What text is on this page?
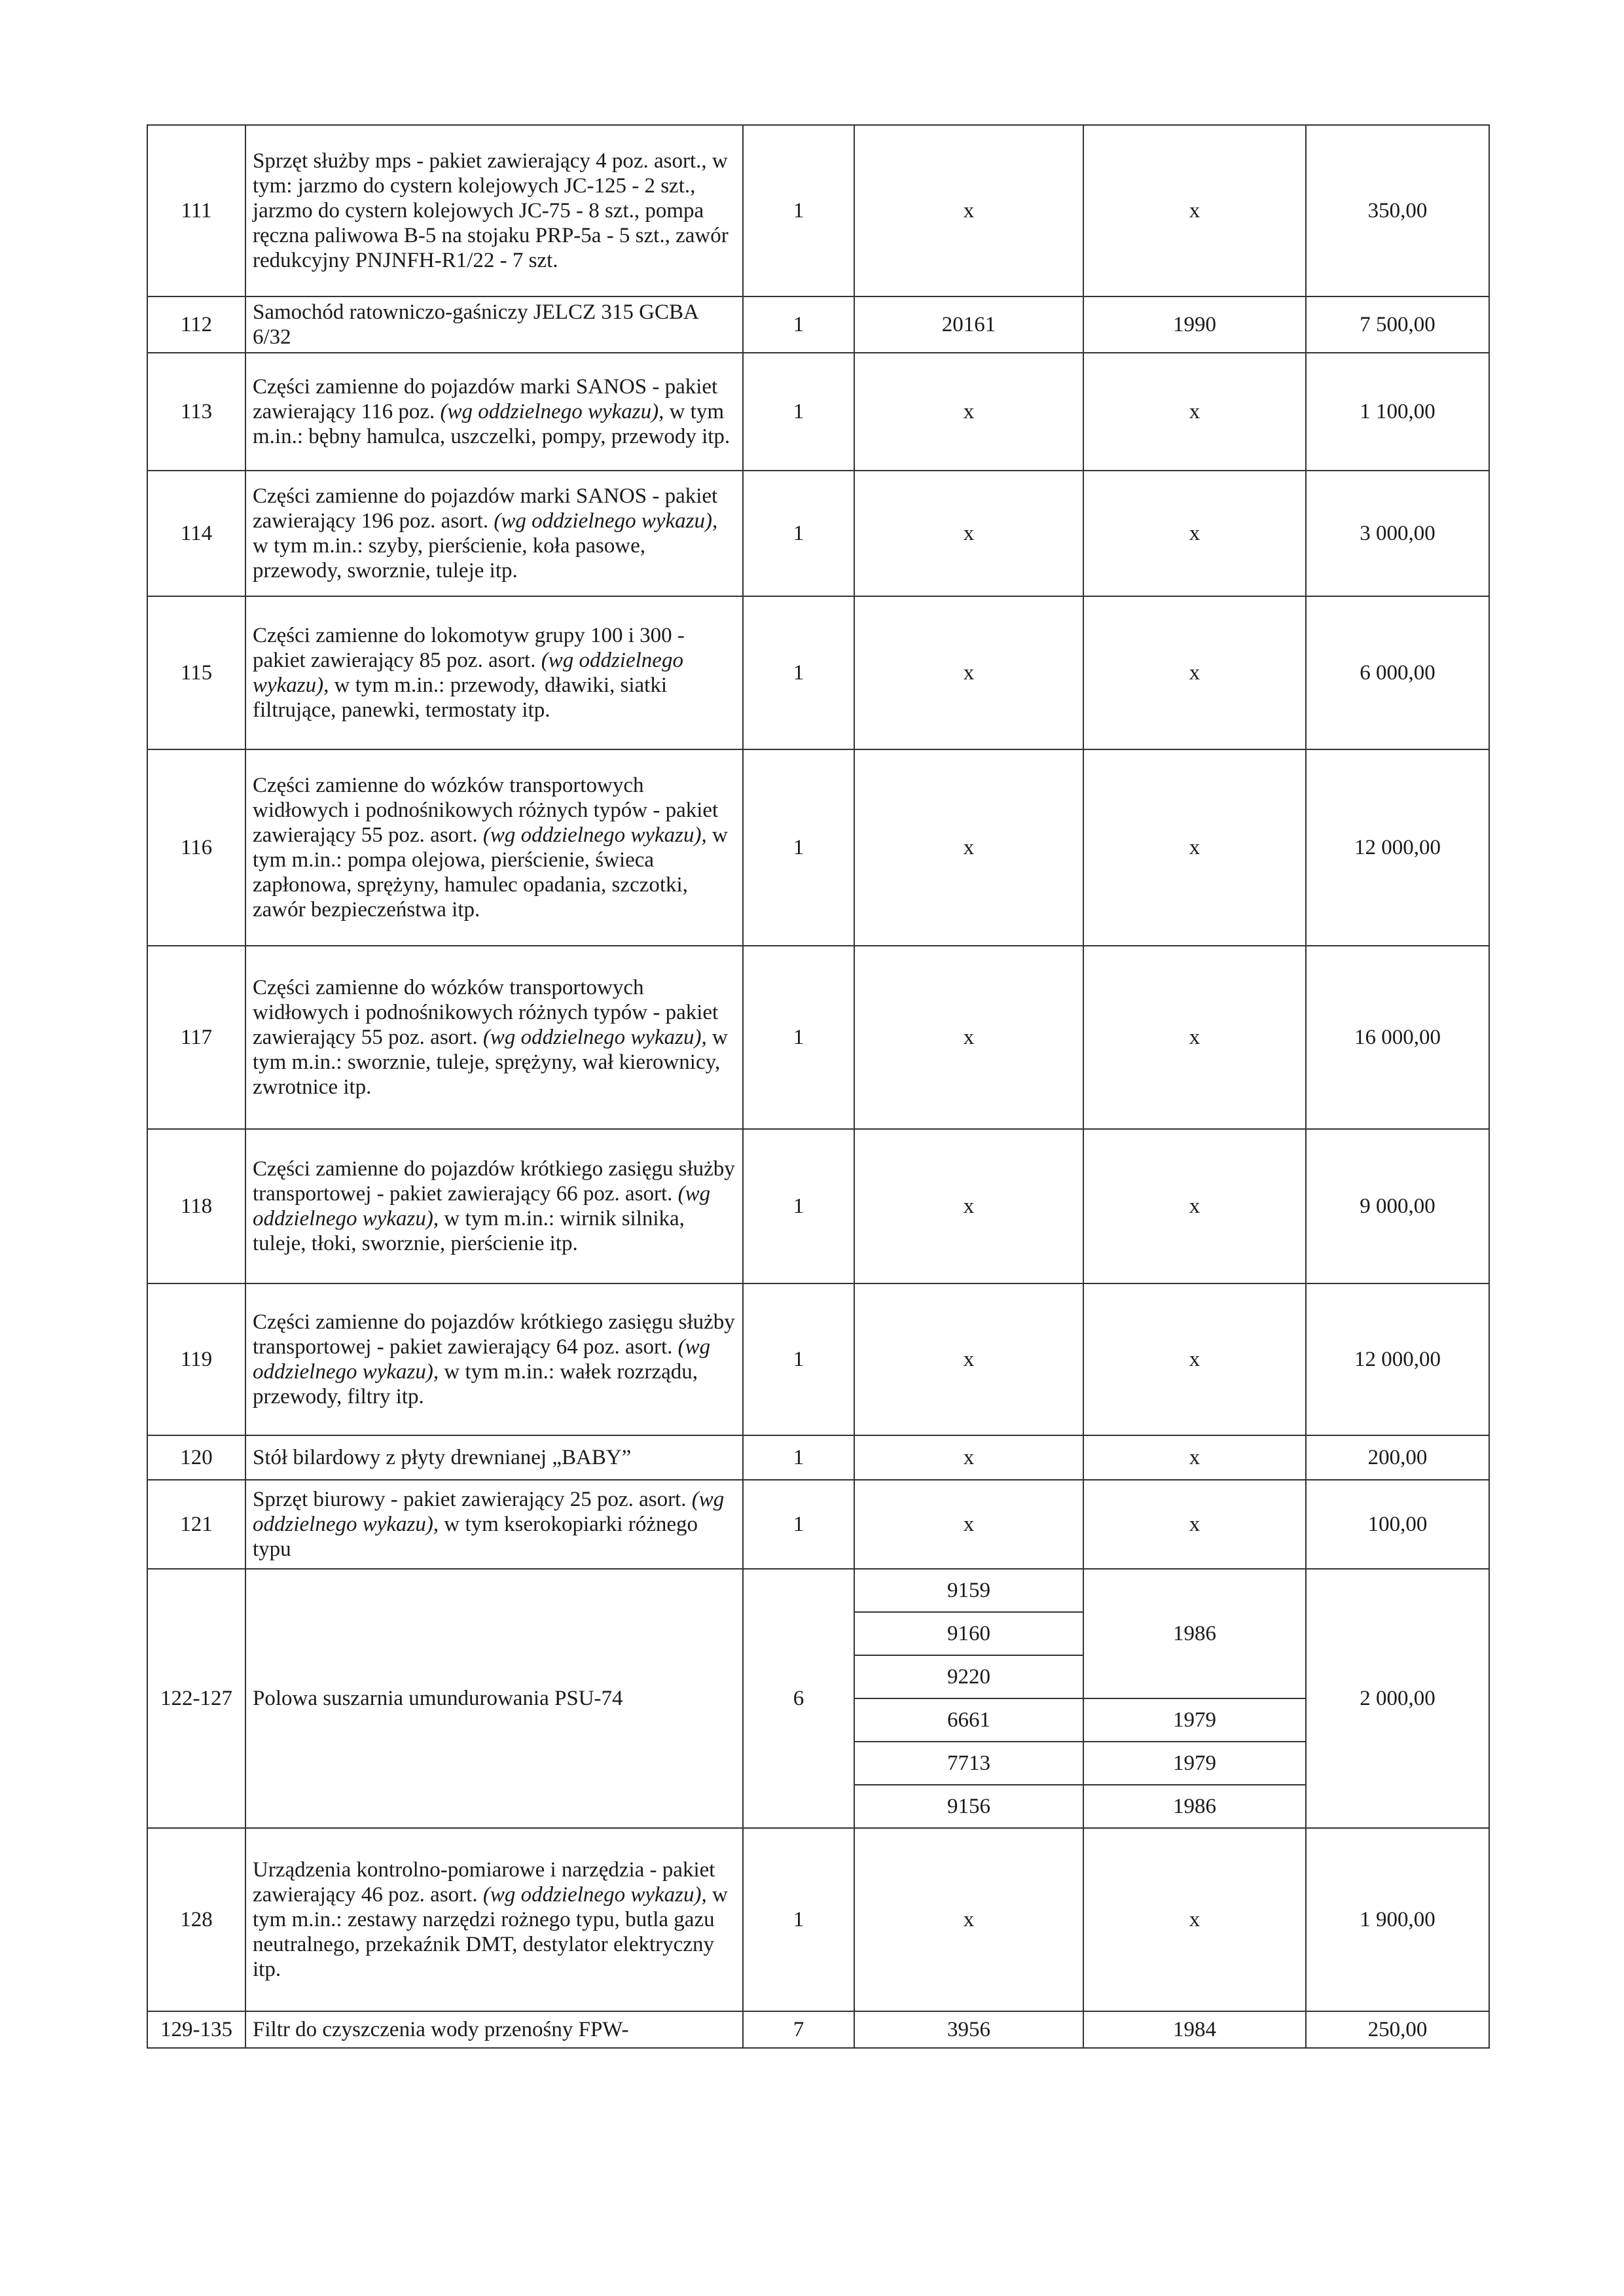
111	Sprzęt służby mps - pakiet zawierający 4 poz. asort., w tym: jarzmo do cystern kolejowych JC-125 - 2 szt., jarzmo do cystern kolejowych JC-75 - 8 szt., pompa ręczna paliwowa B-5 na stojaku PRP-5a - 5 szt., zawór redukcyjny PNJNFH-R1/22 - 7 szt.	1	x	x	350,00
112	Samochód ratowniczo-gaśniczy JELCZ 315 GCBA 6/32	1	20161	1990	7 500,00
113	Części zamienne do pojazdów marki SANOS - pakiet zawierający 116 poz. (wg oddzielnego wykazu), w tym m.in.: bębny hamulca, uszczelki, pompy, przewody itp.	1	x	x	1 100,00
114	Części zamienne do pojazdów marki SANOS - pakiet zawierający 196 poz. asort. (wg oddzielnego wykazu), w tym m.in.: szyby, pierścienie, koła pasowe, przewody, sworznie, tuleje itp.	1	x	x	3 000,00
115	Części zamienne do lokomotyw grupy 100 i 300 - pakiet zawierający 85 poz. asort. (wg oddzielnego wykazu), w tym m.in.: przewody, dławiki, siatki filtrujące, panewki, termostaty itp.	1	x	x	6 000,00
116	Części zamienne do wózków transportowych widłowych i podnośnikowych różnych typów - pakiet zawierający 55 poz. asort. (wg oddzielnego wykazu), w tym m.in.: pompa olejowa, pierścienie, świeca zapłonowa, sprężyny, hamulec opadania, szczotki, zawór bezpieczeństwa itp.	1	x	x	12 000,00
117	Części zamienne do wózków transportowych widłowych i podnośnikowych różnych typów - pakiet zawierający 55 poz. asort. (wg oddzielnego wykazu), w tym m.in.: sworznie, tuleje, sprężyny, wał kierownicy, zwrotnice itp.	1	x	x	16 000,00
118	Części zamienne do pojazdów krótkiego zasięgu służby transportowej - pakiet zawierający 66 poz. asort. (wg oddzielnego wykazu), w tym m.in.: wirnik silnika, tuleje, tłoki, sworznie, pierścienie itp.	1	x	x	9 000,00
119	Części zamienne do pojazdów krótkiego zasięgu służby transportowej - pakiet zawierający 64 poz. asort. (wg oddzielnego wykazu), w tym m.in.: wałek rozrządu, przewody, filtry itp.	1	x	x	12 000,00
120	Stół bilardowy z płyty drewnianej „BABY”	1	x	x	200,00
121	Sprzęt biurowy - pakiet zawierający 25 poz. asort. (wg oddzielnego wykazu), w tym kserokopiarki różnego typu	1	x	x	100,00
122-127	Polowa suszarnia umundurowania PSU-74	6	9159	1986	2 000,00
			9160		
			9220		
			6661	1979	
			7713	1979	
			9156	1986	
128	Urządzenia kontrolno-pomiarowe i narzędzia - pakiet zawierający 46 poz. asort. (wg oddzielnego wykazu), w tym m.in.: zestawy narzędzi rożnego typu, butla gazu neutralnego, przekaźnik DMT, destylator elektryczny itp.	1	x	x	1 900,00
129-135	Filtr do czyszczenia wody przenośny FPW-	7	3956	1984	250,00
